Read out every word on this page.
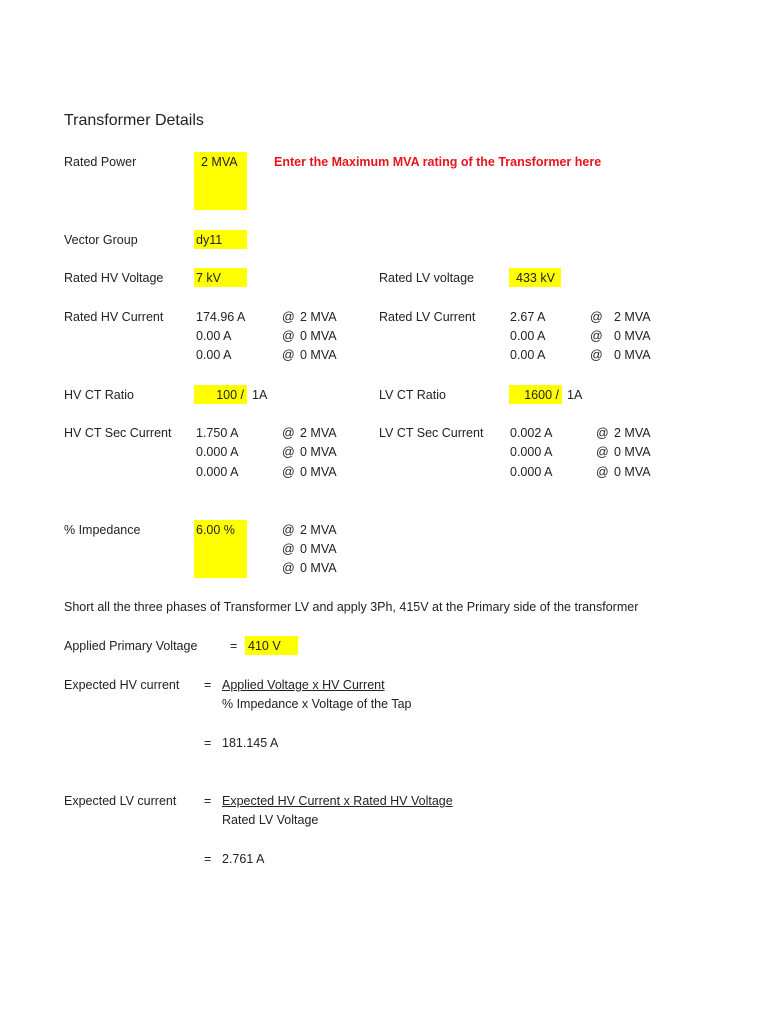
Transformer Details
Rated Power	2 MVA	Enter the Maximum MVA rating of the Transformer here
Vector Group	dy11
Rated HV Voltage	7 kV	Rated LV voltage	433 kV
Rated HV Current	174.96 A	@ 2 MVA
0.00 A	@ 0 MVA
0.00 A	@ 0 MVA
Rated LV Current	2.67 A	@ 2 MVA
0.00 A	@ 0 MVA
0.00 A	@ 0 MVA
HV CT Ratio	100 / 1A	LV CT Ratio	1600 / 1A
HV CT Sec Current 1.750 A	@ 2 MVA
0.000 A	@ 0 MVA
0.000 A	@ 0 MVA
LV CT Sec Current 0.002 A	@ 2 MVA
0.000 A	@ 0 MVA
0.000 A	@ 0 MVA
% Impedance	6.00 %	@ 2 MVA
@ 0 MVA
@ 0 MVA
Short all the three phases of Transformer LV and apply 3Ph, 415V at the Primary side of the transformer
Applied Primary Voltage	= 410 V
Expected HV current = Applied Voltage x HV Current
% Impedance x Voltage of the Tap
= 181.145 A
Expected LV current = Expected HV Current x Rated HV Voltage
Rated LV Voltage
= 2.761 A
